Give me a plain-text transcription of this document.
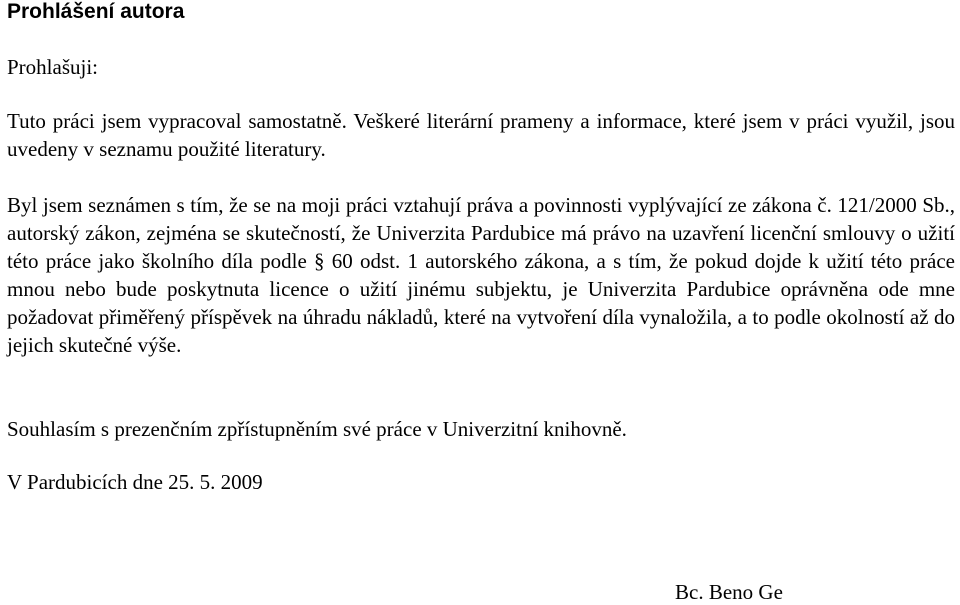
Prohlášení autora
Prohlašuji:
Tuto práci jsem vypracoval samostatně. Veškeré literární prameny a informace, které jsem v práci využil, jsou uvedeny v seznamu použité literatury.
Byl jsem seznámen s tím, že se na moji práci vztahují práva a povinnosti vyplývající ze zákona č. 121/2000 Sb., autorský zákon, zejména se skutečností, že Univerzita Pardubice má právo na uzavření licenční smlouvy o užití této práce jako školního díla podle § 60 odst. 1 autorského zákona, a s tím, že pokud dojde k užití této práce mnou nebo bude poskytnuta licence o užití jinému subjektu, je Univerzita Pardubice oprávněna ode mne požadovat přiměřený příspěvek na úhradu nákladů, které na vytvoření díla vynaložila, a to podle okolností až do jejich skutečné výše.
Souhlasím s prezenčním zpřístupněním své práce v Univerzitní knihovně.
V Pardubicích dne 25. 5. 2009
Bc. Beno Ge
